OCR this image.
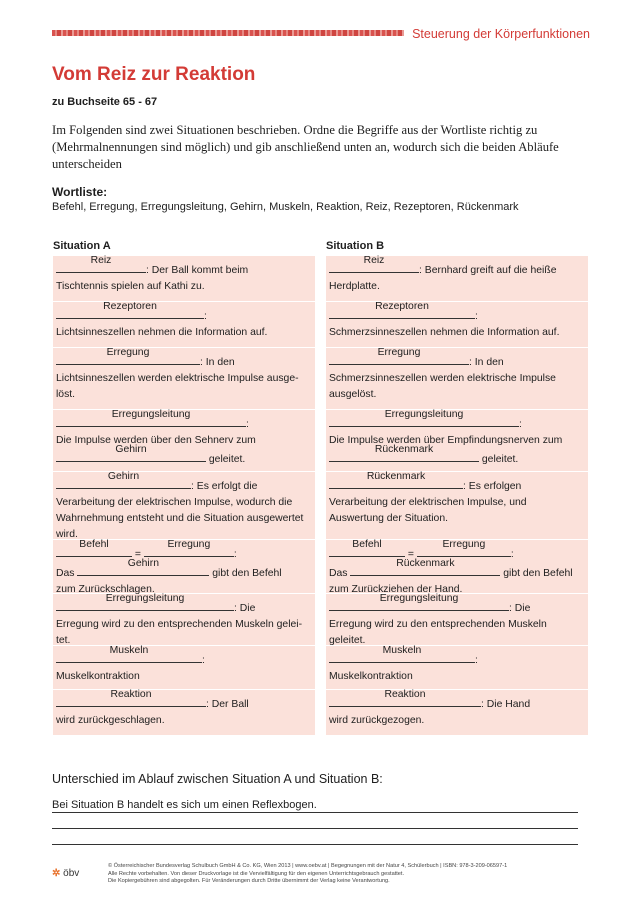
Steuerung der Körperfunktionen
Vom Reiz zur Reaktion
zu Buchseite 65 - 67
Im Folgenden sind zwei Situationen beschrieben. Ordne die Begriffe aus der Wortliste richtig zu (Mehrmalnennungen sind möglich) und gib anschließend unten an, wodurch sich die beiden Abläufe unterscheiden
Wortliste:
Befehl, Erregung, Erregungsleitung, Gehirn, Muskeln, Reaktion, Reiz, Rezeptoren, Rückenmark
Situation A	Situation B
Reiz
: Der Ball kommt beim
Tischtennis spielen auf Kathi zu.
Rezeptoren
:
Lichtsinneszellen nehmen die Information auf.
Erregung
: In den
Lichtsinneszellen werden elektrische Impulse ausge-
löst.
Erregungsleitung
:
Die Impulse werden über den Sehnerv zum

Gehirn
geleitet.
Gehirn
: Es erfolgt die
Verarbeitung der elektrischen Impulse, wodurch die
Wahrnehmung entsteht und die Situation ausgewertet
wird.
Befehl
=
Erregung
:
Das
Gehirn
gibt den Befehl
zum Zurückschlagen.
Erregungsleitung
: Die
Erregung wird zu den entsprechenden Muskeln gelei-
tet.
Muskeln
:
Muskelkontraktion
Reaktion
: Der Ball
wird zurückgeschlagen.
Reiz
: Bernhard greift auf die heiße
Herdplatte.
Rezeptoren
:
Schmerzsinneszellen nehmen die Information auf.
Erregung
: In den
Schmerzsinneszellen werden elektrische Impulse
ausgelöst.
Erregungsleitung
:
Die Impulse werden über Empfindungsnerven zum

Rückenmark
geleitet.
Rückenmark
: Es erfolgen
Verarbeitung der elektrischen Impulse, und
Auswertung der Situation.
Befehl
=
Erregung
:
Das
Rückenmark
gibt den Befehl
zum Zurückziehen der Hand.
Erregungsleitung
: Die
Erregung wird zu den entsprechenden Muskeln
geleitet.
Muskeln
:
Muskelkontraktion
Reaktion
: Die Hand
wird zurückgezogen.
Unterschied im Ablauf zwischen Situation A und Situation B:
Bei Situation B handelt es sich um einen Reflexbogen.
✲ öbv
© Österreichischer Bundesverlag Schulbuch GmbH & Co. KG, Wien 2013 | www.oebv.at | Begegnungen mit der Natur 4, Schülerbuch | ISBN: 978-3-209-06597-1
Alle Rechte vorbehalten. Von dieser Druckvorlage ist die Vervielfältigung für den eigenen Unterrichtsgebrauch gestattet.
Die Kopiergebühren sind abgegolten. Für Veränderungen durch Dritte übernimmt der Verlag keine Verantwortung.
